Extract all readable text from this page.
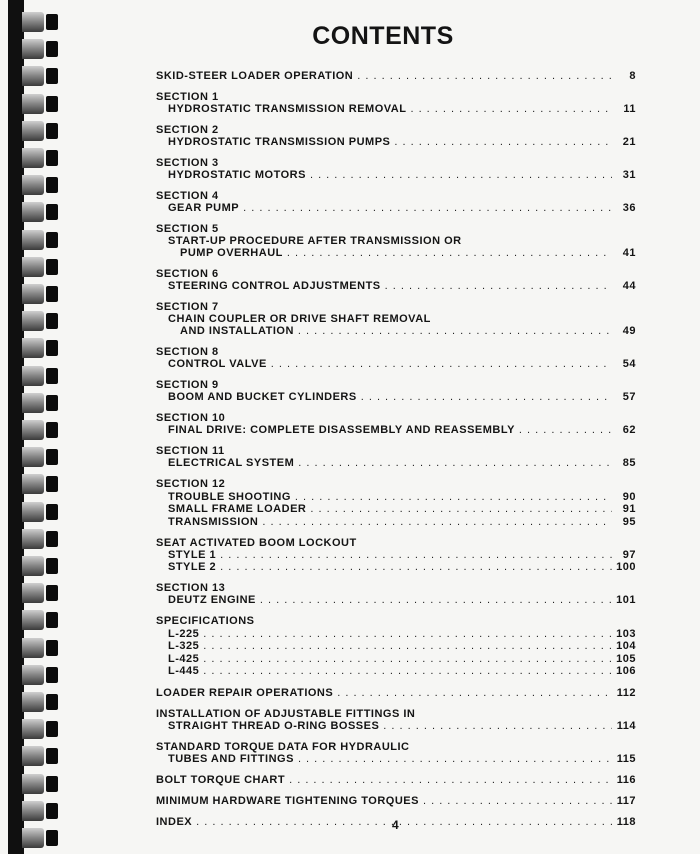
CONTENTS
SKID-STEER LOADER OPERATION . . .	8
SECTION 1
HYDROSTATIC TRANSMISSION REMOVAL . . .	11
SECTION 2
HYDROSTATIC TRANSMISSION PUMPS . . .	21
SECTION 3
HYDROSTATIC MOTORS . . .	31
SECTION 4
GEAR PUMP . . .	36
SECTION 5
START-UP PROCEDURE AFTER TRANSMISSION OR
PUMP OVERHAUL . . .	41
SECTION 6
STEERING CONTROL ADJUSTMENTS . . .	44
SECTION 7
CHAIN COUPLER OR DRIVE SHAFT REMOVAL
AND INSTALLATION . . .	49
SECTION 8
CONTROL VALVE . . .	54
SECTION 9
BOOM AND BUCKET CYLINDERS . . .	57
SECTION 10
FINAL DRIVE: COMPLETE DISASSEMBLY AND REASSEMBLY . . .	62
SECTION 11
ELECTRICAL SYSTEM . . .	85
SECTION 12
TROUBLE SHOOTING . . .	90
SMALL FRAME LOADER . . .	91
TRANSMISSION . . .	95
SEAT ACTIVATED BOOM LOCKOUT
STYLE 1 . . .	97
STYLE 2 . . .	100
SECTION 13
DEUTZ ENGINE . . .	101
SPECIFICATIONS
L-225 . . .	103
L-325 . . .	104
L-425 . . .	105
L-445 . . .	106
LOADER REPAIR OPERATIONS . . .	112
INSTALLATION OF ADJUSTABLE FITTINGS IN
STRAIGHT THREAD O-RING BOSSES . . .	114
STANDARD TORQUE DATA FOR HYDRAULIC
TUBES AND FITTINGS . . .	115
BOLT TORQUE CHART . . .	116
MINIMUM HARDWARE TIGHTENING TORQUES . . .	117
INDEX . . .	118
4
